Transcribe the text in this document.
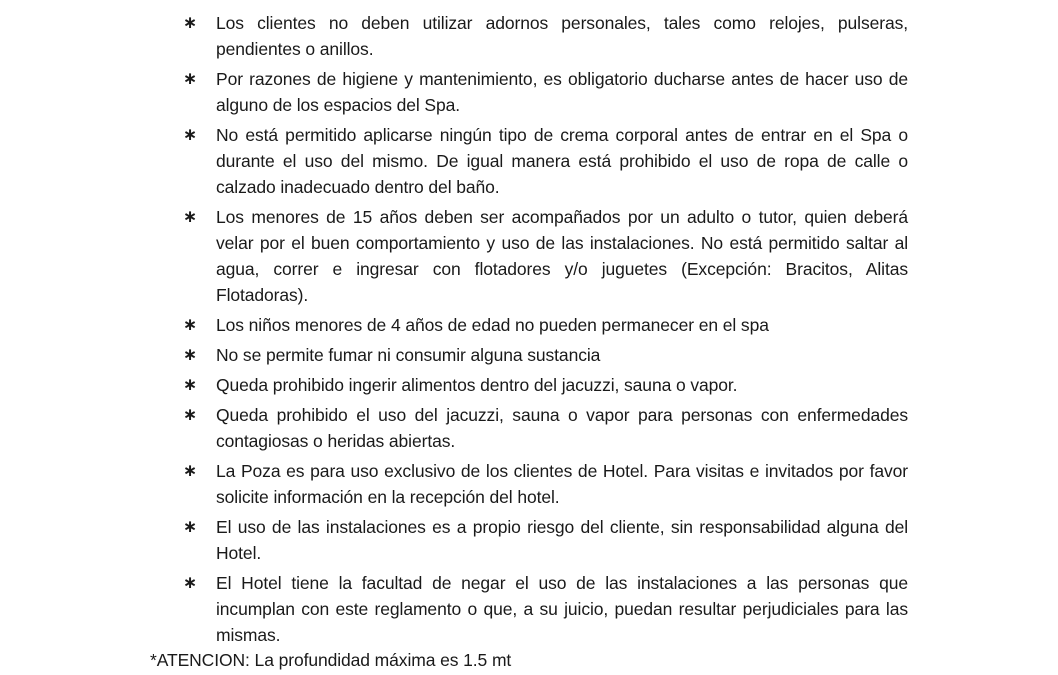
∗	Los clientes no deben utilizar adornos personales, tales como relojes, pulseras, pendientes o anillos.
∗	Por razones de higiene y mantenimiento, es obligatorio ducharse antes de hacer uso de alguno de los espacios del Spa.
∗	No está permitido aplicarse ningún tipo de crema corporal antes de entrar en el Spa o durante el uso del mismo. De igual manera está prohibido el uso de ropa de calle o calzado inadecuado dentro del baño.
∗	Los menores de 15 años deben ser acompañados por un adulto o tutor, quien deberá velar por el buen comportamiento y uso de las instalaciones. No está permitido saltar al agua, correr e ingresar con flotadores y/o juguetes (Excepción: Bracitos, Alitas Flotadoras).
∗	Los niños menores de 4 años de edad no pueden permanecer en el spa
∗	No se permite fumar ni consumir alguna sustancia
∗	Queda prohibido ingerir alimentos dentro del jacuzzi, sauna o vapor.
∗	Queda prohibido el uso del jacuzzi, sauna o vapor para personas con enfermedades contagiosas o heridas abiertas.
∗	La Poza es para uso exclusivo de los clientes de Hotel. Para visitas e invitados por favor solicite información en la recepción del hotel.
∗	El uso de las instalaciones es a propio riesgo del cliente, sin responsabilidad alguna del Hotel.
∗	El Hotel tiene la facultad de negar el uso de las instalaciones a las personas que incumplan con este reglamento o que, a su juicio, puedan resultar perjudiciales para las mismas.
*ATENCION: La profundidad máxima es 1.5 mt
